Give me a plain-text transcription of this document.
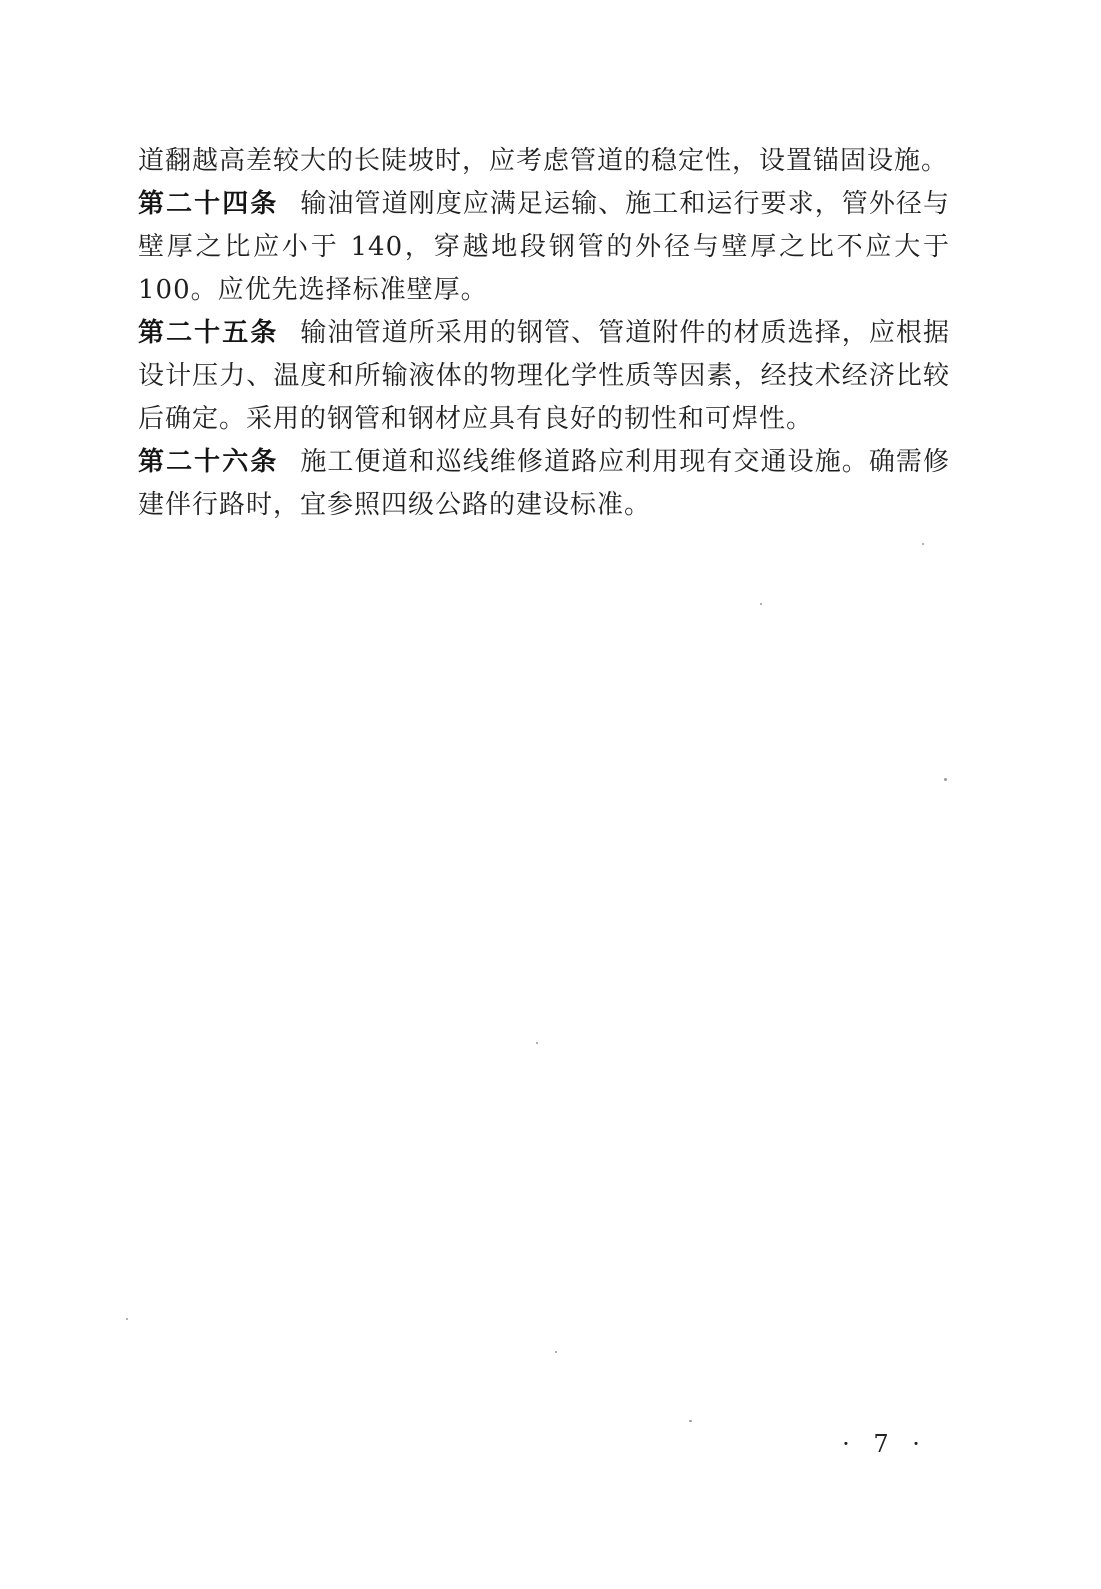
道翻越高差较大的长陡坡时，应考虑管道的稳定性，设置锚固设施。

第二十四条 输油管道刚度应满足运输、施工和运行要求，管外径与壁厚之比应小于 140，穿越地段钢管的外径与壁厚之比不应大于 100。应优先选择标准壁厚。

第二十五条 输油管道所采用的钢管、管道附件的材质选择，应根据设计压力、温度和所输液体的物理化学性质等因素，经技术经济比较后确定。采用的钢管和钢材应具有良好的韧性和可焊性。

第二十六条 施工便道和巡线维修道路应利用现有交通设施。确需修建伴行路时，宜参照四级公路的建设标准。

· 7 ·
